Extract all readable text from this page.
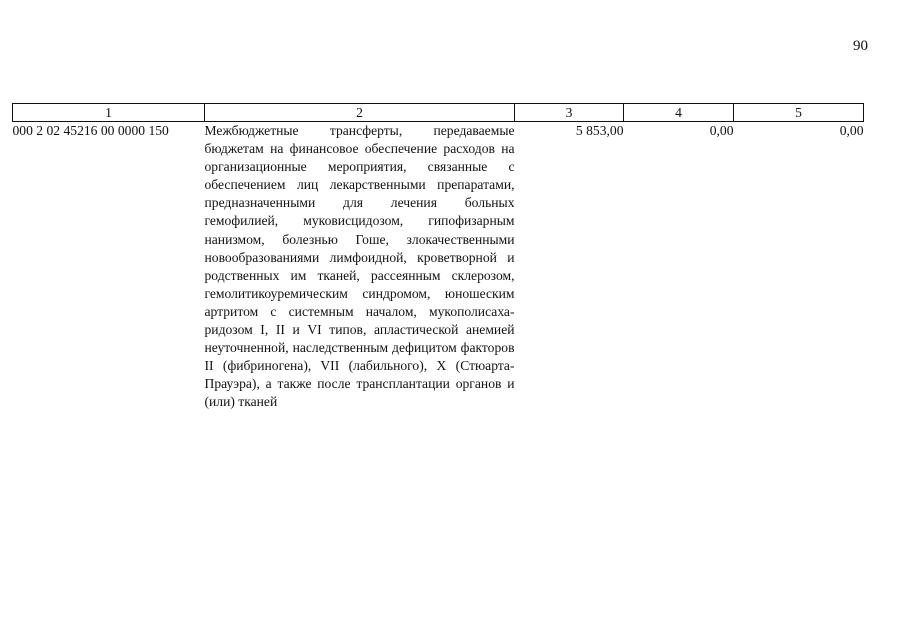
90
1	2	3	4	5
000 2 02 45216 00 0000 150	Межбюджетные трансферты, передаваемые бюджетам на финансовое обеспечение расходов на организационные мероприятия, связанные с обеспечением лиц лекарственными препаратами, предназначенными для лечения больных гемофилией, муковисцидозом, гипофизарным нанизмом, болезнью Гоше, злокачественными новообразованиями лимфоидной, кроветворной и родственных им тканей, рассеянным склерозом, гемолитикоуремическим синдромом, юношеским артритом с системным началом, мукополисахаридозом I, II и VI типов, апластической анемией неуточненной, наследственным дефицитом факторов II (фибриногена), VII (лабильного), X (Стюарта-Прауэра), а также после трансплантации органов и (или) тканей	5 853,00	0,00	0,00
